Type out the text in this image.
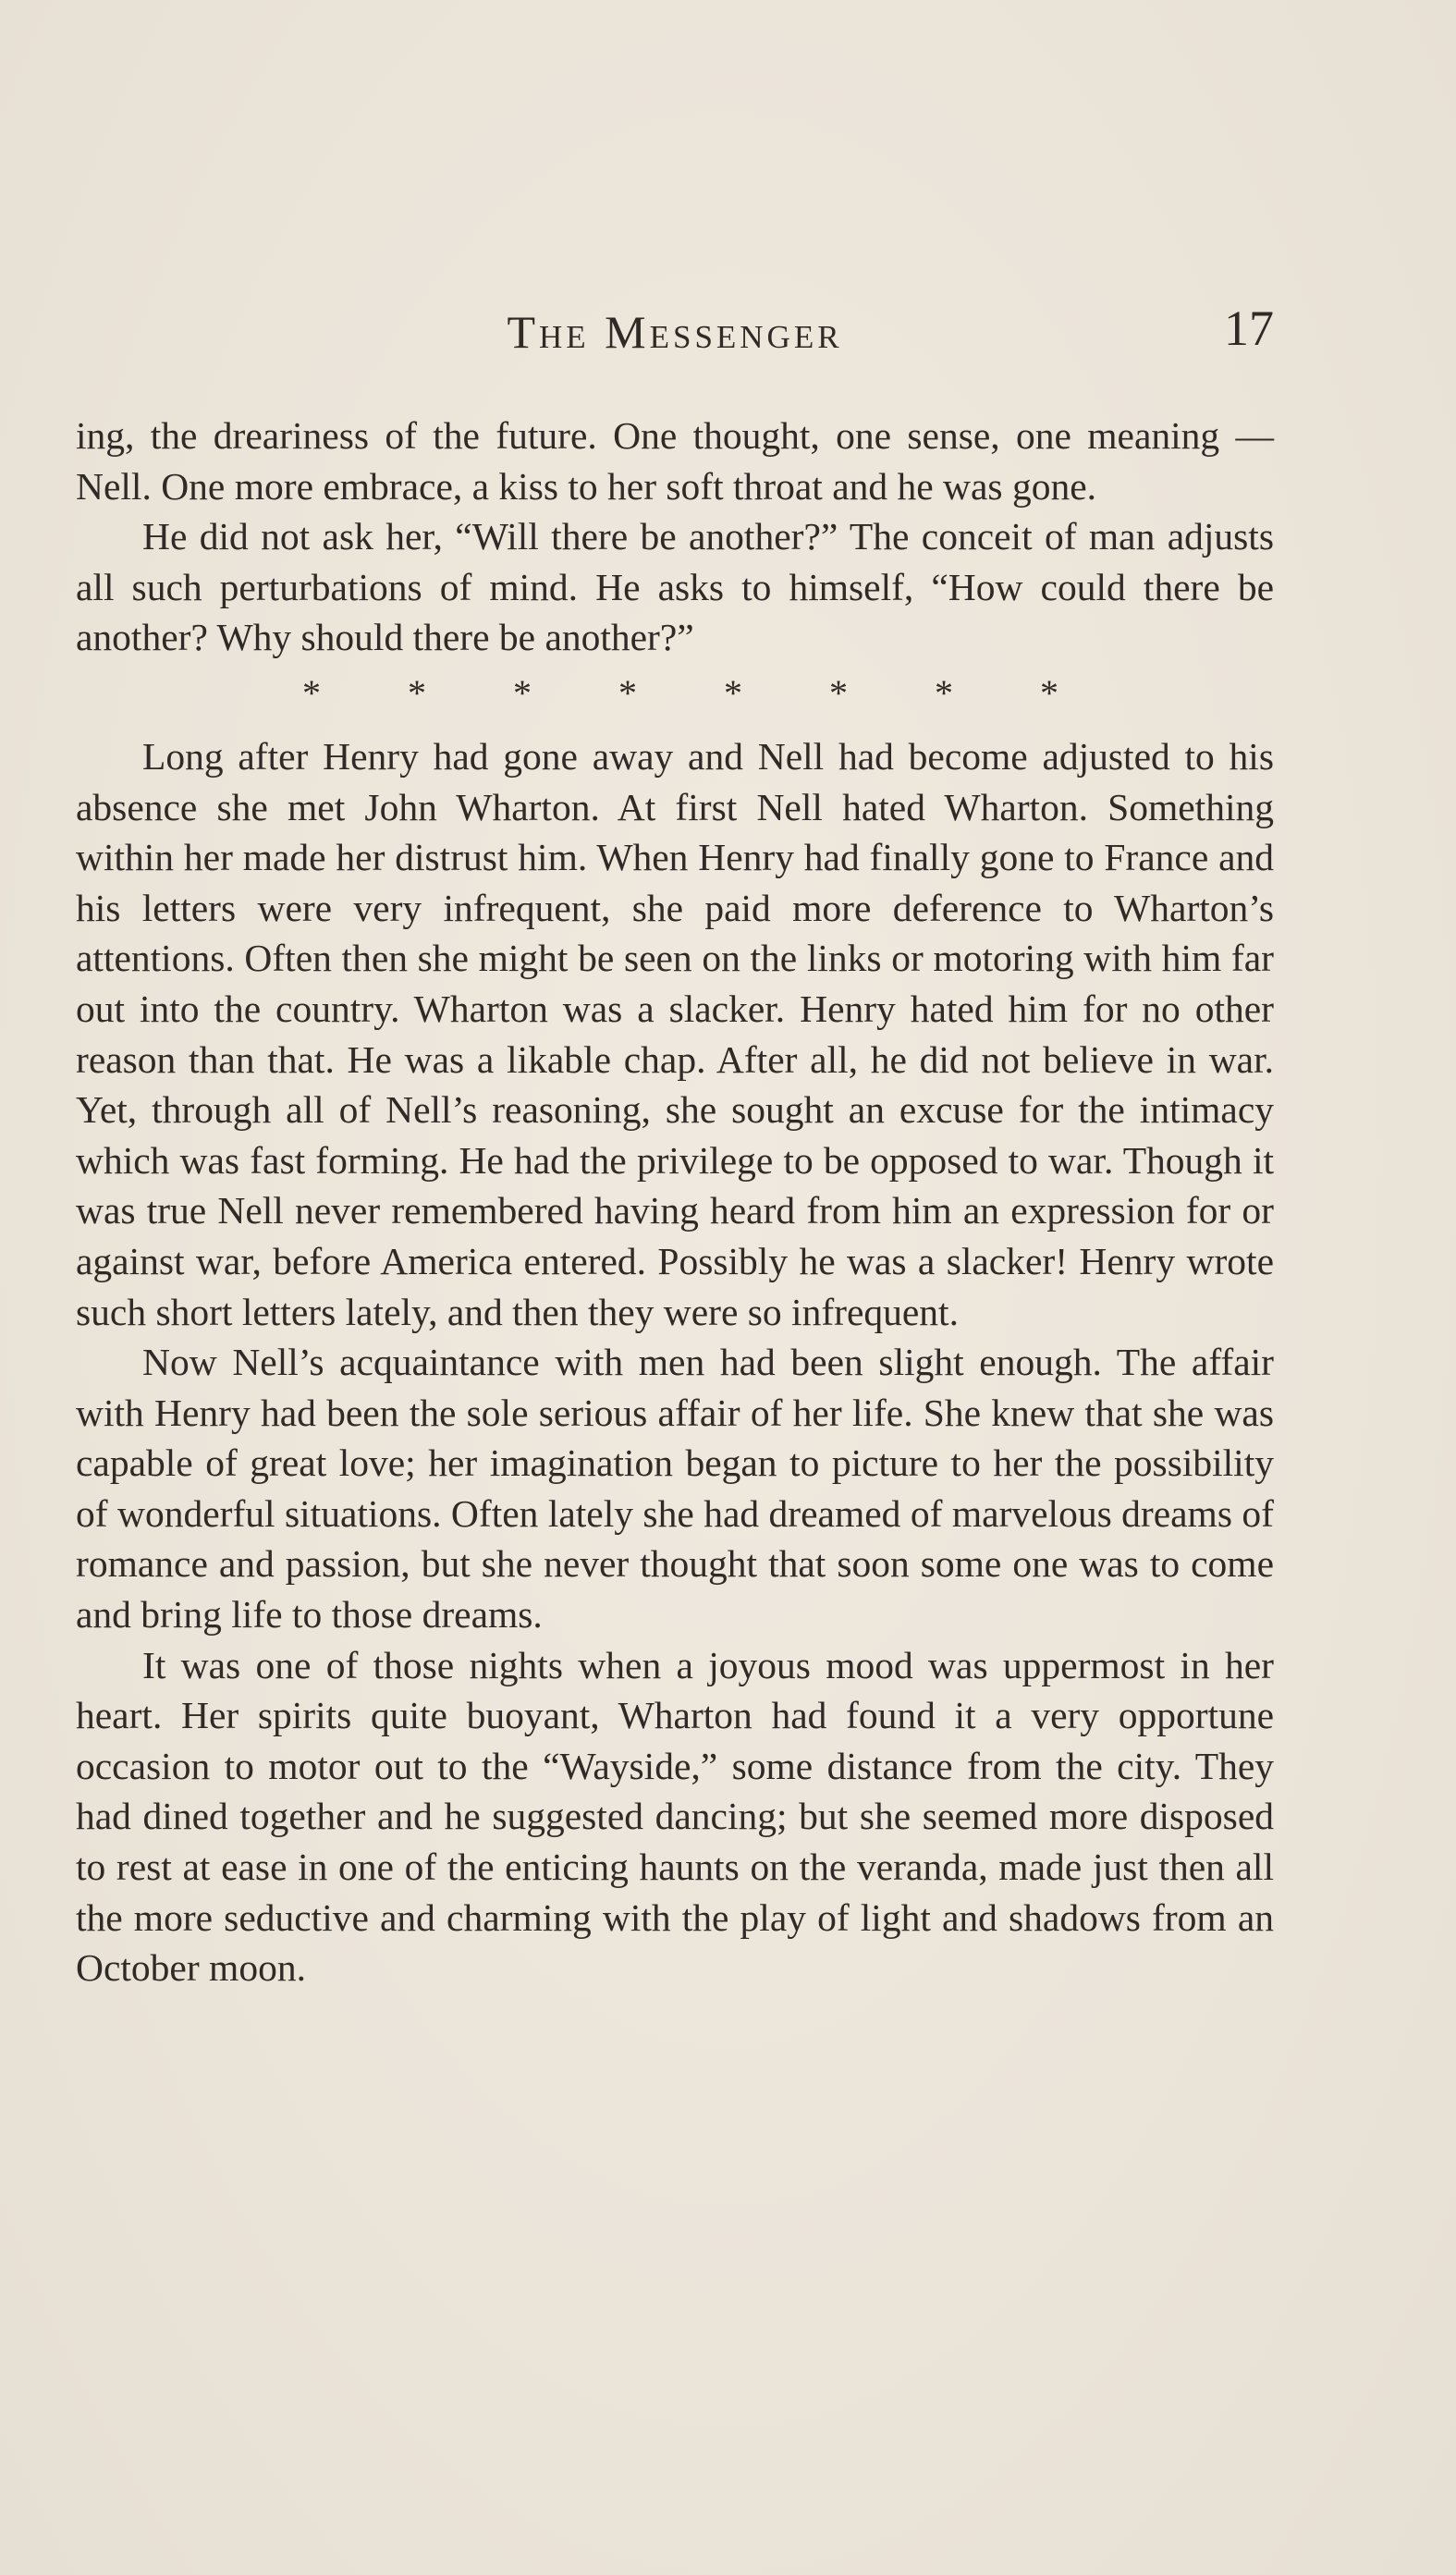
The Messenger	17

ing, the dreariness of the future. One thought, one sense, one meaning — Nell. One more embrace, a kiss to her soft throat and he was gone.

He did not ask her, “Will there be another?” The conceit of man adjusts all such perturbations of mind. He asks to himself, “How could there be another? Why should there be another?”

* * * * * * * *

Long after Henry had gone away and Nell had become adjusted to his absence she met John Wharton. At first Nell hated Wharton. Something within her made her distrust him. When Henry had finally gone to France and his letters were very infrequent, she paid more deference to Wharton’s attentions. Often then she might be seen on the links or motoring with him far out into the country. Wharton was a slacker. Henry hated him for no other reason than that. He was a likable chap. After all, he did not believe in war. Yet, through all of Nell’s reasoning, she sought an excuse for the intimacy which was fast forming. He had the privilege to be opposed to war. Though it was true Nell never remembered having heard from him an expression for or against war, before America entered. Possibly he was a slacker! Henry wrote such short letters lately, and then they were so infrequent.

Now Nell’s acquaintance with men had been slight enough. The affair with Henry had been the sole serious affair of her life. She knew that she was capable of great love; her imagination began to picture to her the possibility of wonderful situations. Often lately she had dreamed of marvelous dreams of romance and passion, but she never thought that soon some one was to come and bring life to those dreams.

It was one of those nights when a joyous mood was uppermost in her heart. Her spirits quite buoyant, Wharton had found it a very opportune occasion to motor out to the “Wayside,” some distance from the city. They had dined together and he suggested dancing; but she seemed more disposed to rest at ease in one of the enticing haunts on the veranda, made just then all the more seductive and charming with the play of light and shadows from an October moon.
